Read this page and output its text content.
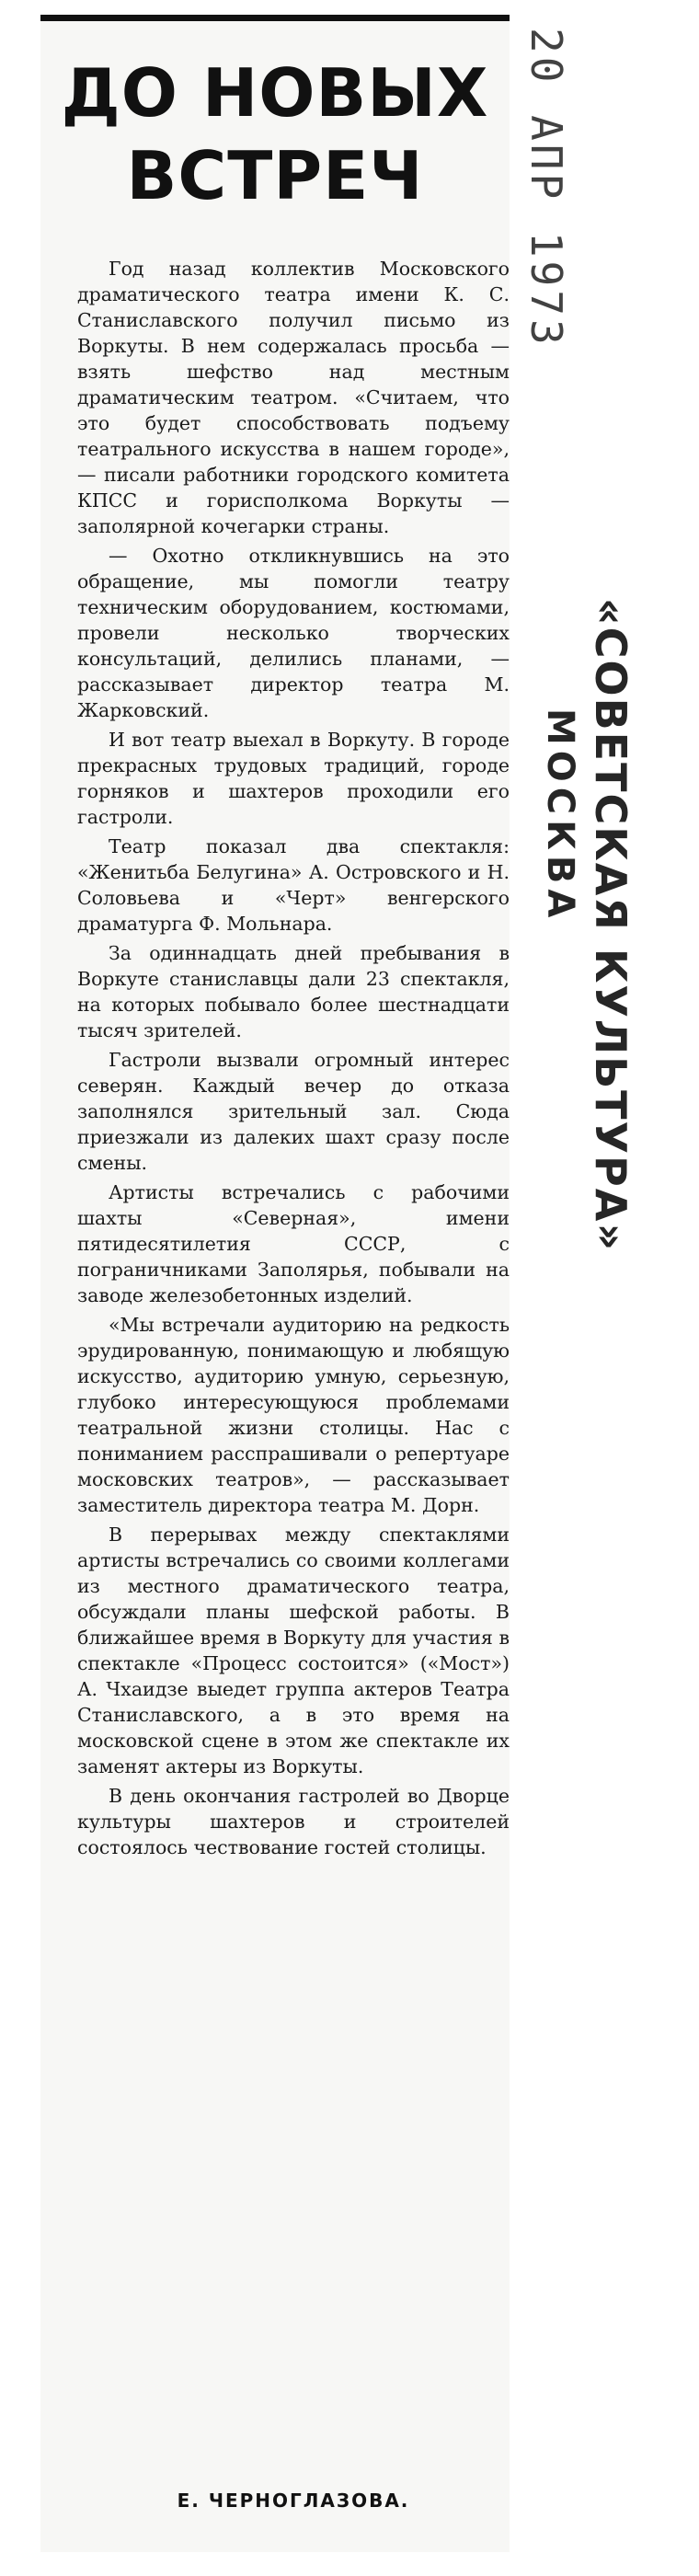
ДО НОВЫХ
ВСТРЕЧ

Год назад коллектив Московского драматического театра имени К. С. Станиславского получил письмо из Воркуты. В нем содержалась просьба — взять шефство над местным драматическим театром. «Считаем, что это будет способствовать подъему театрального искусства в нашем городе»,— писали работники городского комитета КПСС и горисполкома Воркуты — заполярной кочегарки страны.

— Охотно откликнувшись на это обращение, мы помогли театру техническим оборудованием, костюмами, провели несколько творческих консультаций, делились планами, — рассказывает директор театра М. Жарковский.

И вот театр выехал в Воркуту. В городе прекрасных трудовых традиций, городе горняков и шахтеров проходили его гастроли.

Театр показал два спектакля: «Женитьба Белугина» А. Островского и Н. Соловьева и «Черт» венгерского драматурга Ф. Мольнара.

За одиннадцать дней пребывания в Воркуте станиславцы дали 23 спектакля, на которых побывало более шестнадцати тысяч зрителей.

Гастроли вызвали огромный интерес северян. Каждый вечер до отказа заполнялся зрительный зал. Сюда приезжали из далеких шахт сразу после смены.

Артисты встречались с рабочими шахты «Северная», имени пятидесятилетия СССР, с пограничниками Заполярья, побывали на заводе железобетонных изделий.

«Мы встречали аудиторию на редкость эрудированную, понимающую и любящую искусство, аудиторию умную, серьезную, глубоко интересующуюся проблемами театральной жизни столицы. Нас с пониманием расспрашивали о репертуаре московских театров», — рассказывает заместитель директора театра М. Дорн.

В перерывах между спектаклями артисты встречались со своими коллегами из местного драматического театра, обсуждали планы шефской работы. В ближайшее время в Воркуту для участия в спектакле «Процесс состоится» («Мост») А. Чхаидзе выедет группа актеров Театра Станиславского, а в это время на московской сцене в этом же спектакле их заменят актеры из Воркуты.

В день окончания гастролей во Дворце культуры шахтеров и строителей состоялось чествование гостей столицы.

Е. ЧЕРНОГЛАЗОВА.
20 АПР 1973
«СОВЕТСКАЯ КУЛЬТУРА»
МОСКВА
